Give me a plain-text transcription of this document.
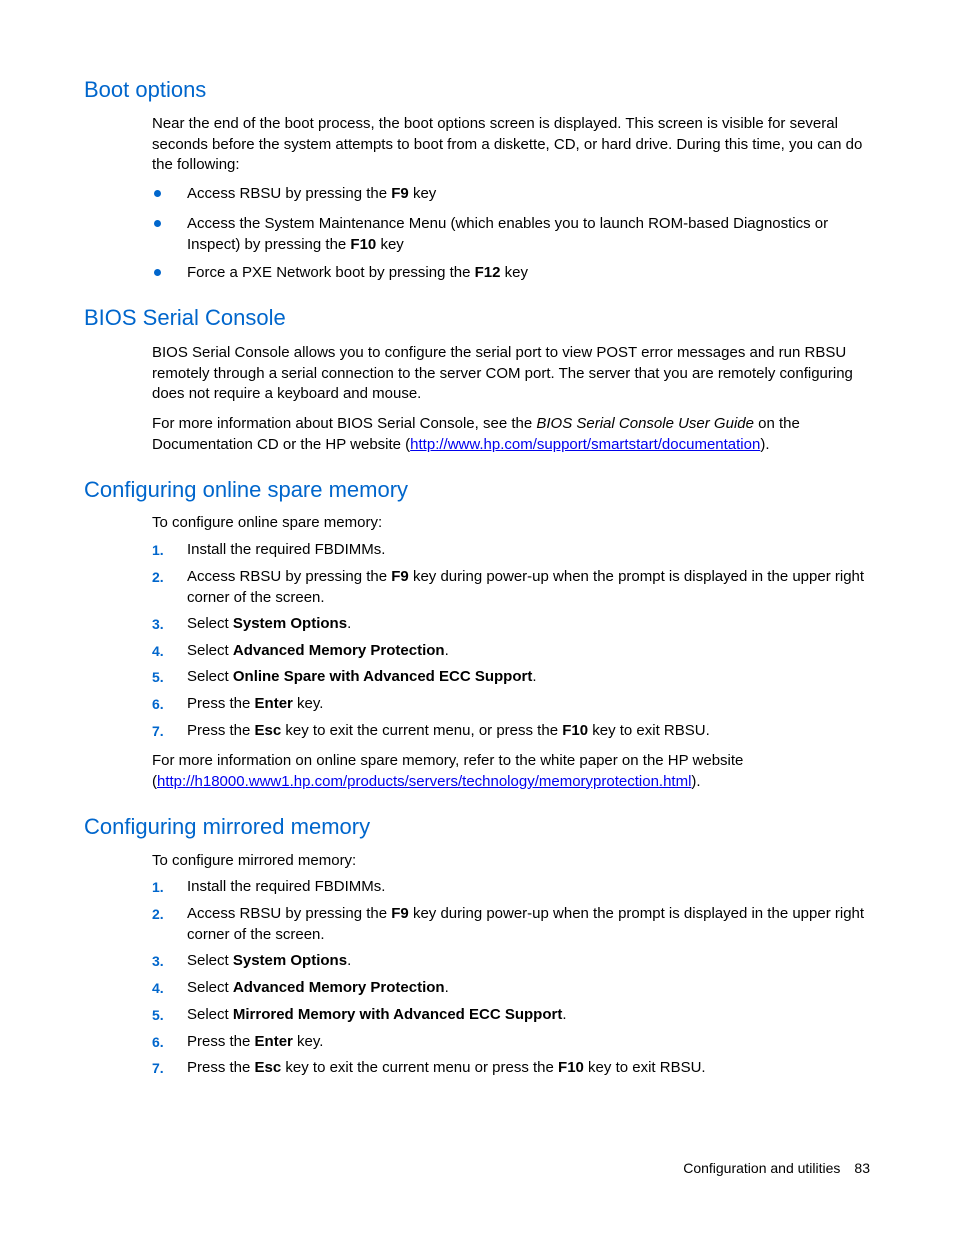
Boot options

Near the end of the boot process, the boot options screen is displayed. This screen is visible for several seconds before the system attempts to boot from a diskette, CD, or hard drive. During this time, you can do the following:

Access RBSU by pressing the F9 key
Access the System Maintenance Menu (which enables you to launch ROM-based Diagnostics or Inspect) by pressing the F10 key
Force a PXE Network boot by pressing the F12 key
BIOS Serial Console

BIOS Serial Console allows you to configure the serial port to view POST error messages and run RBSU remotely through a serial connection to the server COM port. The server that you are remotely configuring does not require a keyboard and mouse.

For more information about BIOS Serial Console, see the BIOS Serial Console User Guide on the Documentation CD or the HP website (http://www.hp.com/support/smartstart/documentation).

Configuring online spare memory

To configure online spare memory:

1.	Install the required FBDIMMs.
2.	Access RBSU by pressing the F9 key during power-up when the prompt is displayed in the upper right corner of the screen.
3.	Select System Options.
4.	Select Advanced Memory Protection.
5.	Select Online Spare with Advanced ECC Support.
6.	Press the Enter key.
7.	Press the Esc key to exit the current menu, or press the F10 key to exit RBSU.

For more information on online spare memory, refer to the white paper on the HP website (http://h18000.www1.hp.com/products/servers/technology/memoryprotection.html).

Configuring mirrored memory

To configure mirrored memory:

1.	Install the required FBDIMMs.
2.	Access RBSU by pressing the F9 key during power-up when the prompt is displayed in the upper right corner of the screen.
3.	Select System Options.
4.	Select Advanced Memory Protection.
5.	Select Mirrored Memory with Advanced ECC Support.
6.	Press the Enter key.
7.	Press the Esc key to exit the current menu or press the F10 key to exit RBSU.
Configuration and utilities 83
